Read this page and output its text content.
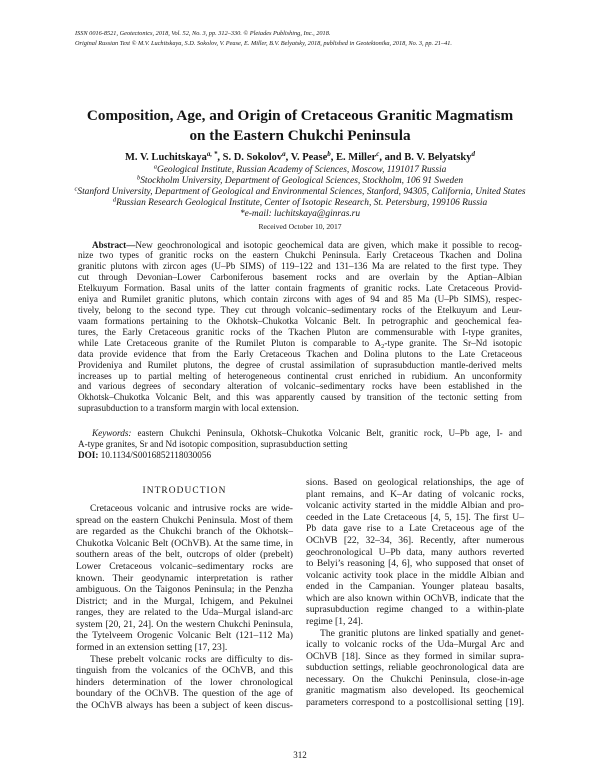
ISSN 0016-8521, Geotectonics, 2018, Vol. 52, No. 3, pp. 312–330. © Pleiades Publishing, Inc., 2018.
Original Russian Text © M.V. Luchitskaya, S.D. Sokolov, V. Pease, E. Miller, B.V. Belyatsky, 2018, published in Geotektonika, 2018, No. 3, pp. 21–41.
Composition, Age, and Origin of Cretaceous Granitic Magmatism
on the Eastern Chukchi Peninsula
M. V. Luchitskaya$^{a, *}$, S. D. Sokolov$^a$, V. Pease$^b$, E. Miller$^c$, and B. V. Belyatsky$^d$
$^a$Geological Institute, Russian Academy of Sciences, Moscow, 1191017 Russia
$^b$Stockholm University, Department of Geological Sciences, Stockholm, 106 91 Sweden
$^c$Stanford University, Department of Geological and Environmental Sciences, Stanford, 94305, California, United States
$^d$Russian Research Geological Institute, Center of Isotopic Research, St. Petersburg, 199106 Russia
*e-mail: luchitskaya@ginras.ru
Received October 10, 2017
Abstract—New geochronological and isotopic geochemical data are given, which make it possible to recog-
nize two types of granitic rocks on the eastern Chukchi Peninsula. Early Cretaceous Tkachen and Dolina
granitic plutons with zircon ages (U–Pb SIMS) of 119–122 and 131–136 Ma are related to the first type. They
cut through Devonian–Lower Carboniferous basement rocks and are overlain by the Aptian–Albian
Etelkuyum Formation. Basal units of the latter contain fragments of granitic rocks. Late Cretaceous Provid-
eniya and Rumilet granitic plutons, which contain zircons with ages of 94 and 85 Ma (U–Pb SIMS), respec-
tively, belong to the second type. They cut through volcanic–sedimentary rocks of the Etelkuyum and Leur-
vaam formations pertaining to the Okhotsk–Chukotka Volcanic Belt. In petrographic and geochemical fea-
tures, the Early Cretaceous granitic rocks of the Tkachen Pluton are commensurable with I-type granites,
while Late Cretaceous granite of the Rumilet Pluton is comparable to $A_2$-type granite. The Sr–Nd isotopic
data provide evidence that from the Early Cretaceous Tkachen and Dolina plutons to the Late Cretaceous
Provideniya and Rumilet plutons, the degree of crustal assimilation of suprasubduction mantle-derived melts
increases up to partial melting of heterogeneous continental crust enriched in rubidium. An unconformity
and various degrees of secondary alteration of volcanic–sedimentary rocks have been established in the
Okhotsk–Chukotka Volcanic Belt, and this was apparently caused by transition of the tectonic setting from
suprasubduction to a transform margin with local extension.
Keywords: eastern Chukchi Peninsula, Okhotsk–Chukotka Volcanic Belt, granitic rock, U–Pb age, I- and
A-type granites, Sr and Nd isotopic composition, suprasubduction setting
DOI: 10.1134/S0016852118030056
INTRODUCTION
Cretaceous volcanic and intrusive rocks are wide-
spread on the eastern Chukchi Peninsula. Most of them
are regarded as the Chukchi branch of the Okhotsk–
Chukotka Volcanic Belt (OChVB). At the same time, in
southern areas of the belt, outcrops of older (prebelt)
Lower Cretaceous volcanic–sedimentary rocks are
known. Their geodynamic interpretation is rather
ambiguous. On the Taigonos Peninsula; in the Penzha
District; and in the Murgal, Ichigem, and Pekulnei
ranges, they are related to the Uda–Murgal island-arc
system [20, 21, 24]. On the western Chukchi Peninsula,
the Tytelveem Orogenic Volcanic Belt (121–112 Ma)
formed in an extension setting [17, 23].
These prebelt volcanic rocks are difficulty to dis-
tinguish from the volcanics of the OChVB, and this
hinders determination of the lower chronological
boundary of the OChVB. The question of the age of
the OChVB always has been a subject of keen discus-
sions. Based on geological relationships, the age of
plant remains, and K–Ar dating of volcanic rocks,
volcanic activity started in the middle Albian and pro-
ceeded in the Late Cretaceous [4, 5, 15]. The first U–
Pb data gave rise to a Late Cretaceous age of the
OChVB [22, 32–34, 36]. Recently, after numerous
geochronological U–Pb data, many authors reverted
to Belyi’s reasoning [4, 6], who supposed that onset of
volcanic activity took place in the middle Albian and
ended in the Campanian. Younger plateau basalts,
which are also known within OChVB, indicate that the
suprasubduction regime changed to a within-plate
regime [1, 24].
The granitic plutons are linked spatially and genet-
ically to volcanic rocks of the Uda–Murgal Arc and
OChVB [18]. Since as they formed in similar supra-
subduction settings, reliable geochronological data are
necessary. On the Chukchi Peninsula, close-in-age
granitic magmatism also developed. Its geochemical
parameters correspond to a postcollisional setting [19].
312
